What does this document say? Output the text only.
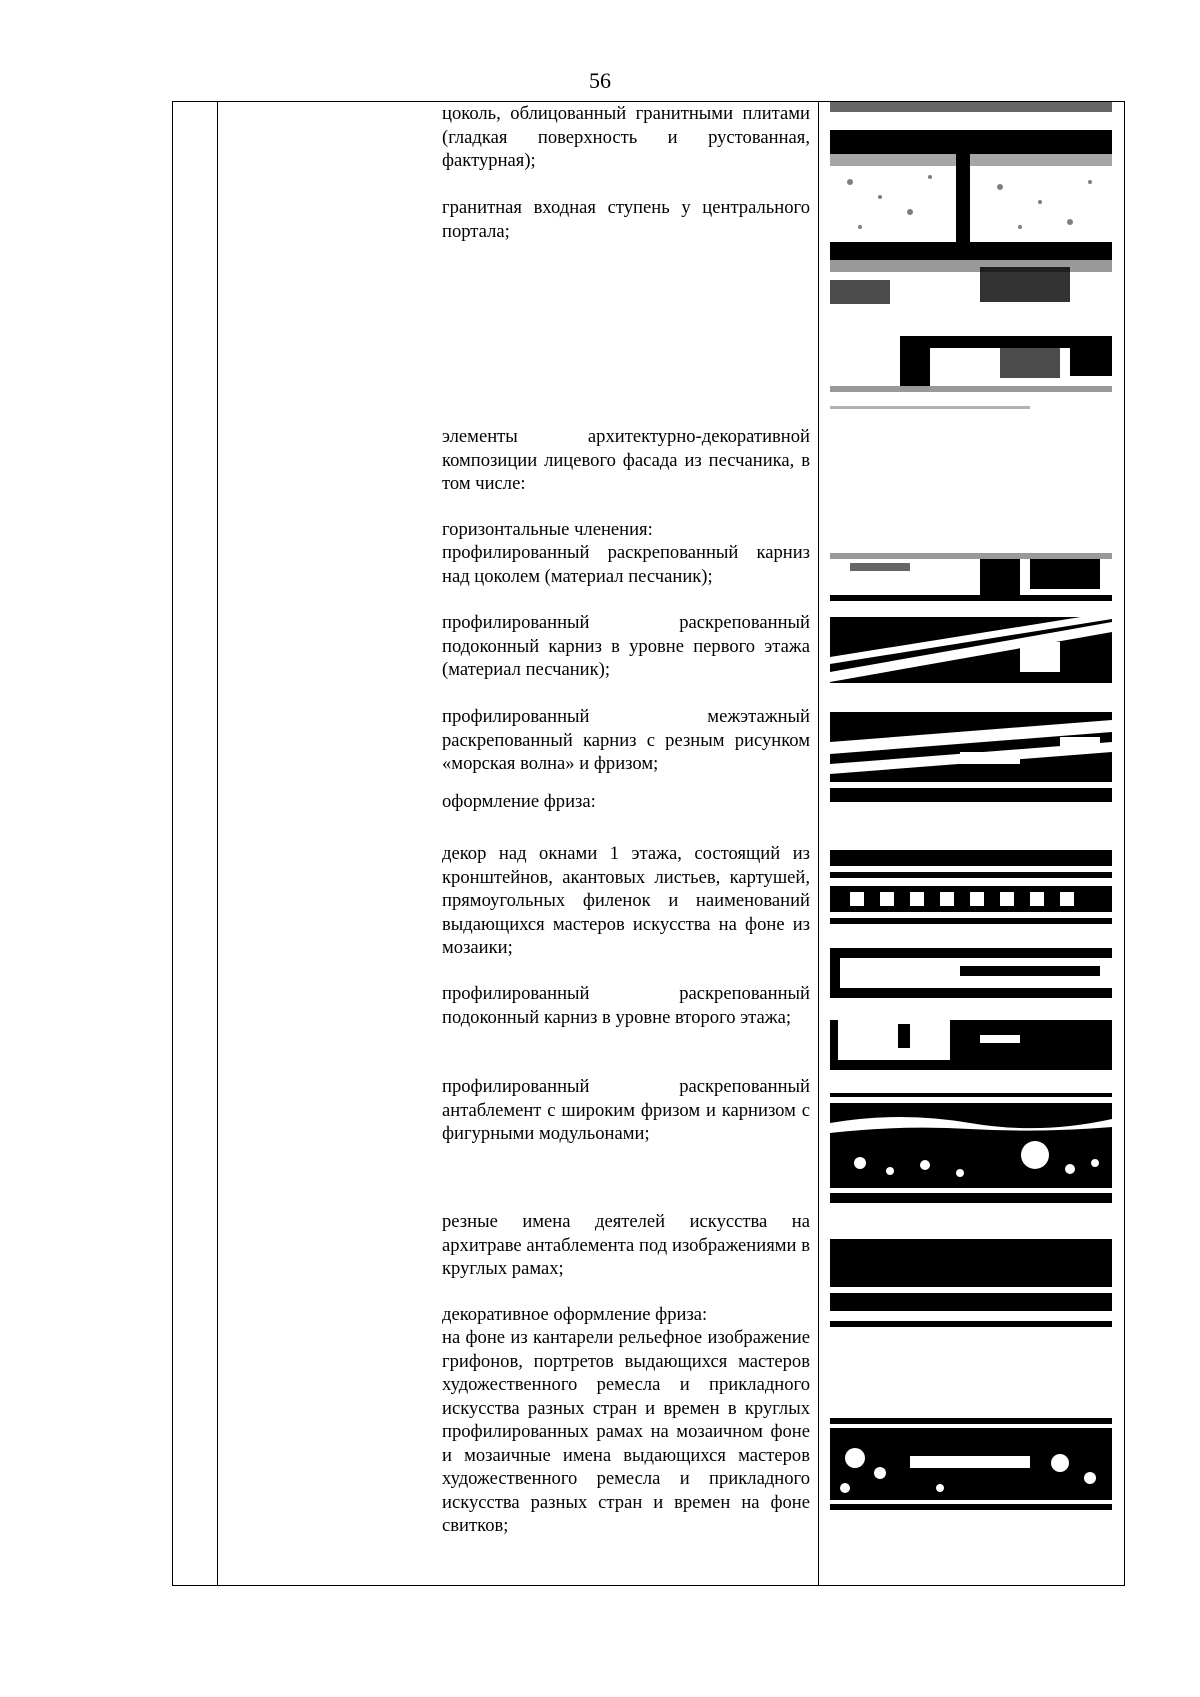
56
цоколь, облицованный гранитными плитами (гладкая поверхность и рустованная, фактурная);
гранитная входная ступень у центрального портала;
элементы архитектурно-декоративной композиции лицевого фасада из песчаника, в том числе:
горизонтальные членения:
профилированный раскрепованный карниз над цоколем (материал песчаник);
профилированный раскрепованный подоконный карниз в уровне первого этажа (материал песчаник);
профилированный межэтажный раскрепованный карниз с резным рисунком «морская волна» и фризом;
оформление фриза:
декор над окнами 1 этажа, состоящий из кронштейнов, акантовых листьев, картушей, прямоугольных филенок и наименований выдающихся мастеров искусства на фоне из мозаики;
профилированный раскрепованный подоконный карниз в уровне второго этажа;
профилированный раскрепованный антаблемент с широким фризом и карнизом с фигурными модульонами;
резные имена деятелей искусства на архитраве антаблемента под изображениями в круглых рамах;
декоративное оформление фриза:
на фоне из кантарели рельефное изображение грифонов, портретов выдающихся мастеров художественного ремесла и прикладного искусства разных стран и времен в круглых профилированных рамах на мозаичном фоне и мозаичные имена выдающихся мастеров художественного ремесла и прикладного искусства разных стран и времен на фоне свитков;
